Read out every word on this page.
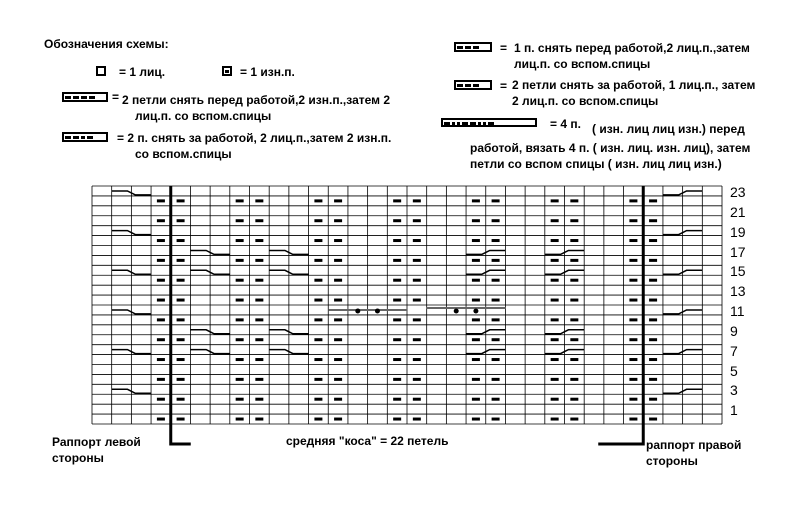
Обозначения схемы:
= 1 лиц.	= 1 изн.п.
= 2 петли снять перед работой,2 изн.п.,затем 2
лиц.п. со вспом.спицы
= 2 п. снять за работой, 2 лиц.п.,затем 2 изн.п.
со вспом.спицы
= 1 п. снять перед работой,2 лиц.п.,затем
лиц.п. со вспом.спицы
= 2 петли снять за работой, 1 лиц.п., затем
2 лиц.п. со вспом.спицы
= 4 п. ( изн. лиц лиц изн.) перед
работой, вязать 4 п. ( изн. лиц. изн. лиц), затем
петли со вспом спицы ( изн. лиц лиц изн.)
23
21
19
17
15
13
11
9
7
5
3
1
Раппорт левой
стороны
средняя "коса" = 22 петель	раппорт правой
стороны
